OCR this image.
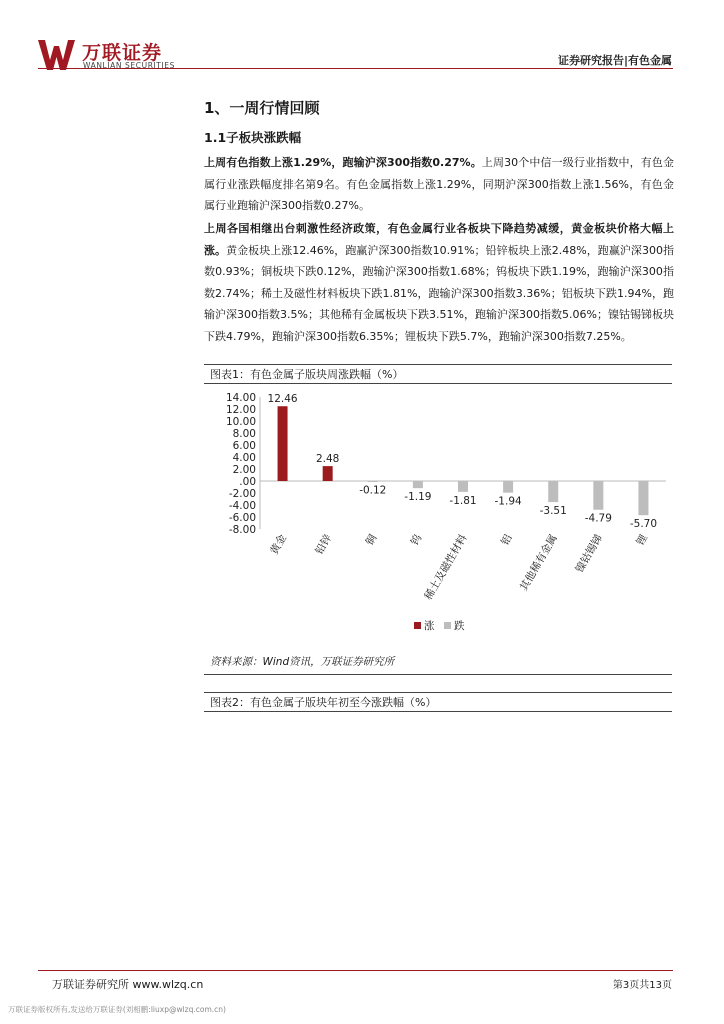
万联证券
WANLIAN SECURITIES	证券研究报告|有色金属
1、一周行情回顾
1.1子板块涨跌幅
上周有色指数上涨1.29%，跑输沪深300指数0.27%。上周30个中信一级行业指数中，有色金属行业涨跌幅度排名第9名。有色金属指数上涨1.29%，同期沪深300指数上涨1.56%，有色金属行业跑输沪深300指数0.27%。
上周各国相继出台刺激性经济政策，有色金属行业各板块下降趋势减缓，黄金板块价格大幅上涨。黄金板块上涨12.46%，跑赢沪深300指数10.91%；铅锌板块上涨2.48%，跑赢沪深300指数0.93%；铜板块下跌0.12%，跑输沪深300指数1.68%；钨板块下跌1.19%，跑输沪深300指数2.74%；稀土及磁性材料板块下跌1.81%，跑输沪深300指数3.36%；铝板块下跌1.94%，跑输沪深300指数3.5%；其他稀有金属板块下跌3.51%，跑输沪深300指数5.06%；镍钴锡锑板块下跌4.79%，跑输沪深300指数6.35%；锂板块下跌5.7%，跑输沪深300指数7.25%。
图表1：有色金属子版块周涨跌幅（%）
14.00
12.00
10.00
8.00
6.00
4.00
2.00
.00
-2.00
-4.00
-6.00
-8.00
12.46
黄金
2.48
铅锌
-0.12
铜
-1.19
钨
-1.81
稀土及磁性材料
-1.94
铝
-3.51
其他稀有金属
-4.79
镍钴锡锑
-5.70
锂
涨 跌
资料来源：Wind资讯，万联证券研究所
图表2：有色金属子版块年初至今涨跌幅（%）
万联证券研究所 www.wlzq.cn	第3页共13页
万联证券版权所有,发送给万联证券(刘相鹏:liuxp@wlzq.com.cn)
